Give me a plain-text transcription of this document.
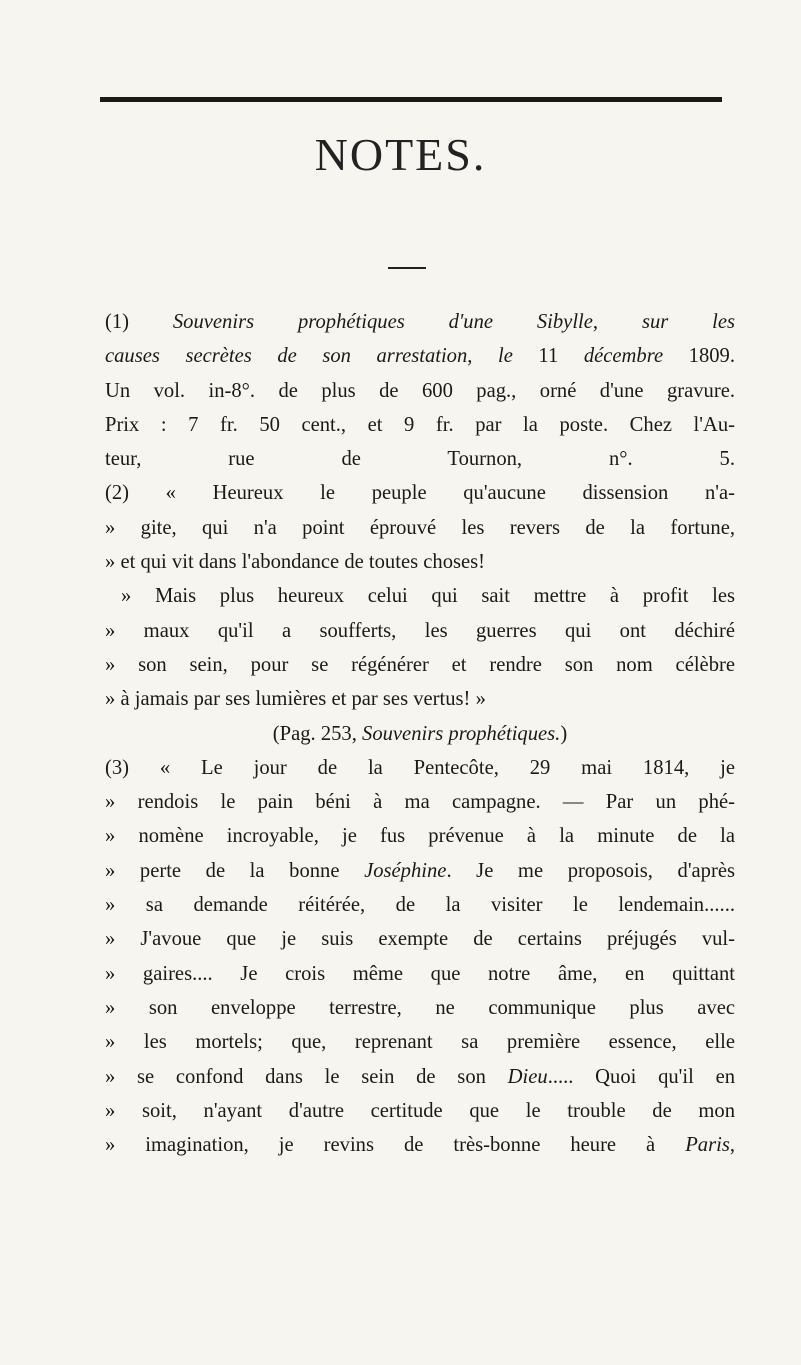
NOTES.
(1) Souvenirs prophétiques d'une Sibylle, sur les
causes secrètes de son arrestation, le 11 décembre 1809.
Un vol. in-8°. de plus de 600 pag., orné d'une gravure.
Prix : 7 fr. 50 cent., et 9 fr. par la poste. Chez l'Au-
teur, rue de Tournon, n°. 5.
(2) « Heureux le peuple qu'aucune dissension n'a-
» gite, qui n'a point éprouvé les revers de la fortune,
» et qui vit dans l'abondance de toutes choses!
» Mais plus heureux celui qui sait mettre à profit les
» maux qu'il a soufferts, les guerres qui ont déchiré
» son sein, pour se régénérer et rendre son nom célèbre
» à jamais par ses lumières et par ses vertus! »
(Pag. 253, Souvenirs prophétiques.)
(3) « Le jour de la Pentecôte, 29 mai 1814, je
» rendois le pain béni à ma campagne. — Par un phé-
» nomène incroyable, je fus prévenue à la minute de la
» perte de la bonne Joséphine. Je me proposois, d'après
» sa demande réitérée, de la visiter le lendemain......
» J'avoue que je suis exempte de certains préjugés vul-
» gaires.... Je crois même que notre âme, en quittant
» son enveloppe terrestre, ne communique plus avec
» les mortels; que, reprenant sa première essence, elle
» se confond dans le sein de son Dieu..... Quoi qu'il en
» soit, n'ayant d'autre certitude que le trouble de mon
» imagination, je revins de très-bonne heure à Paris,
